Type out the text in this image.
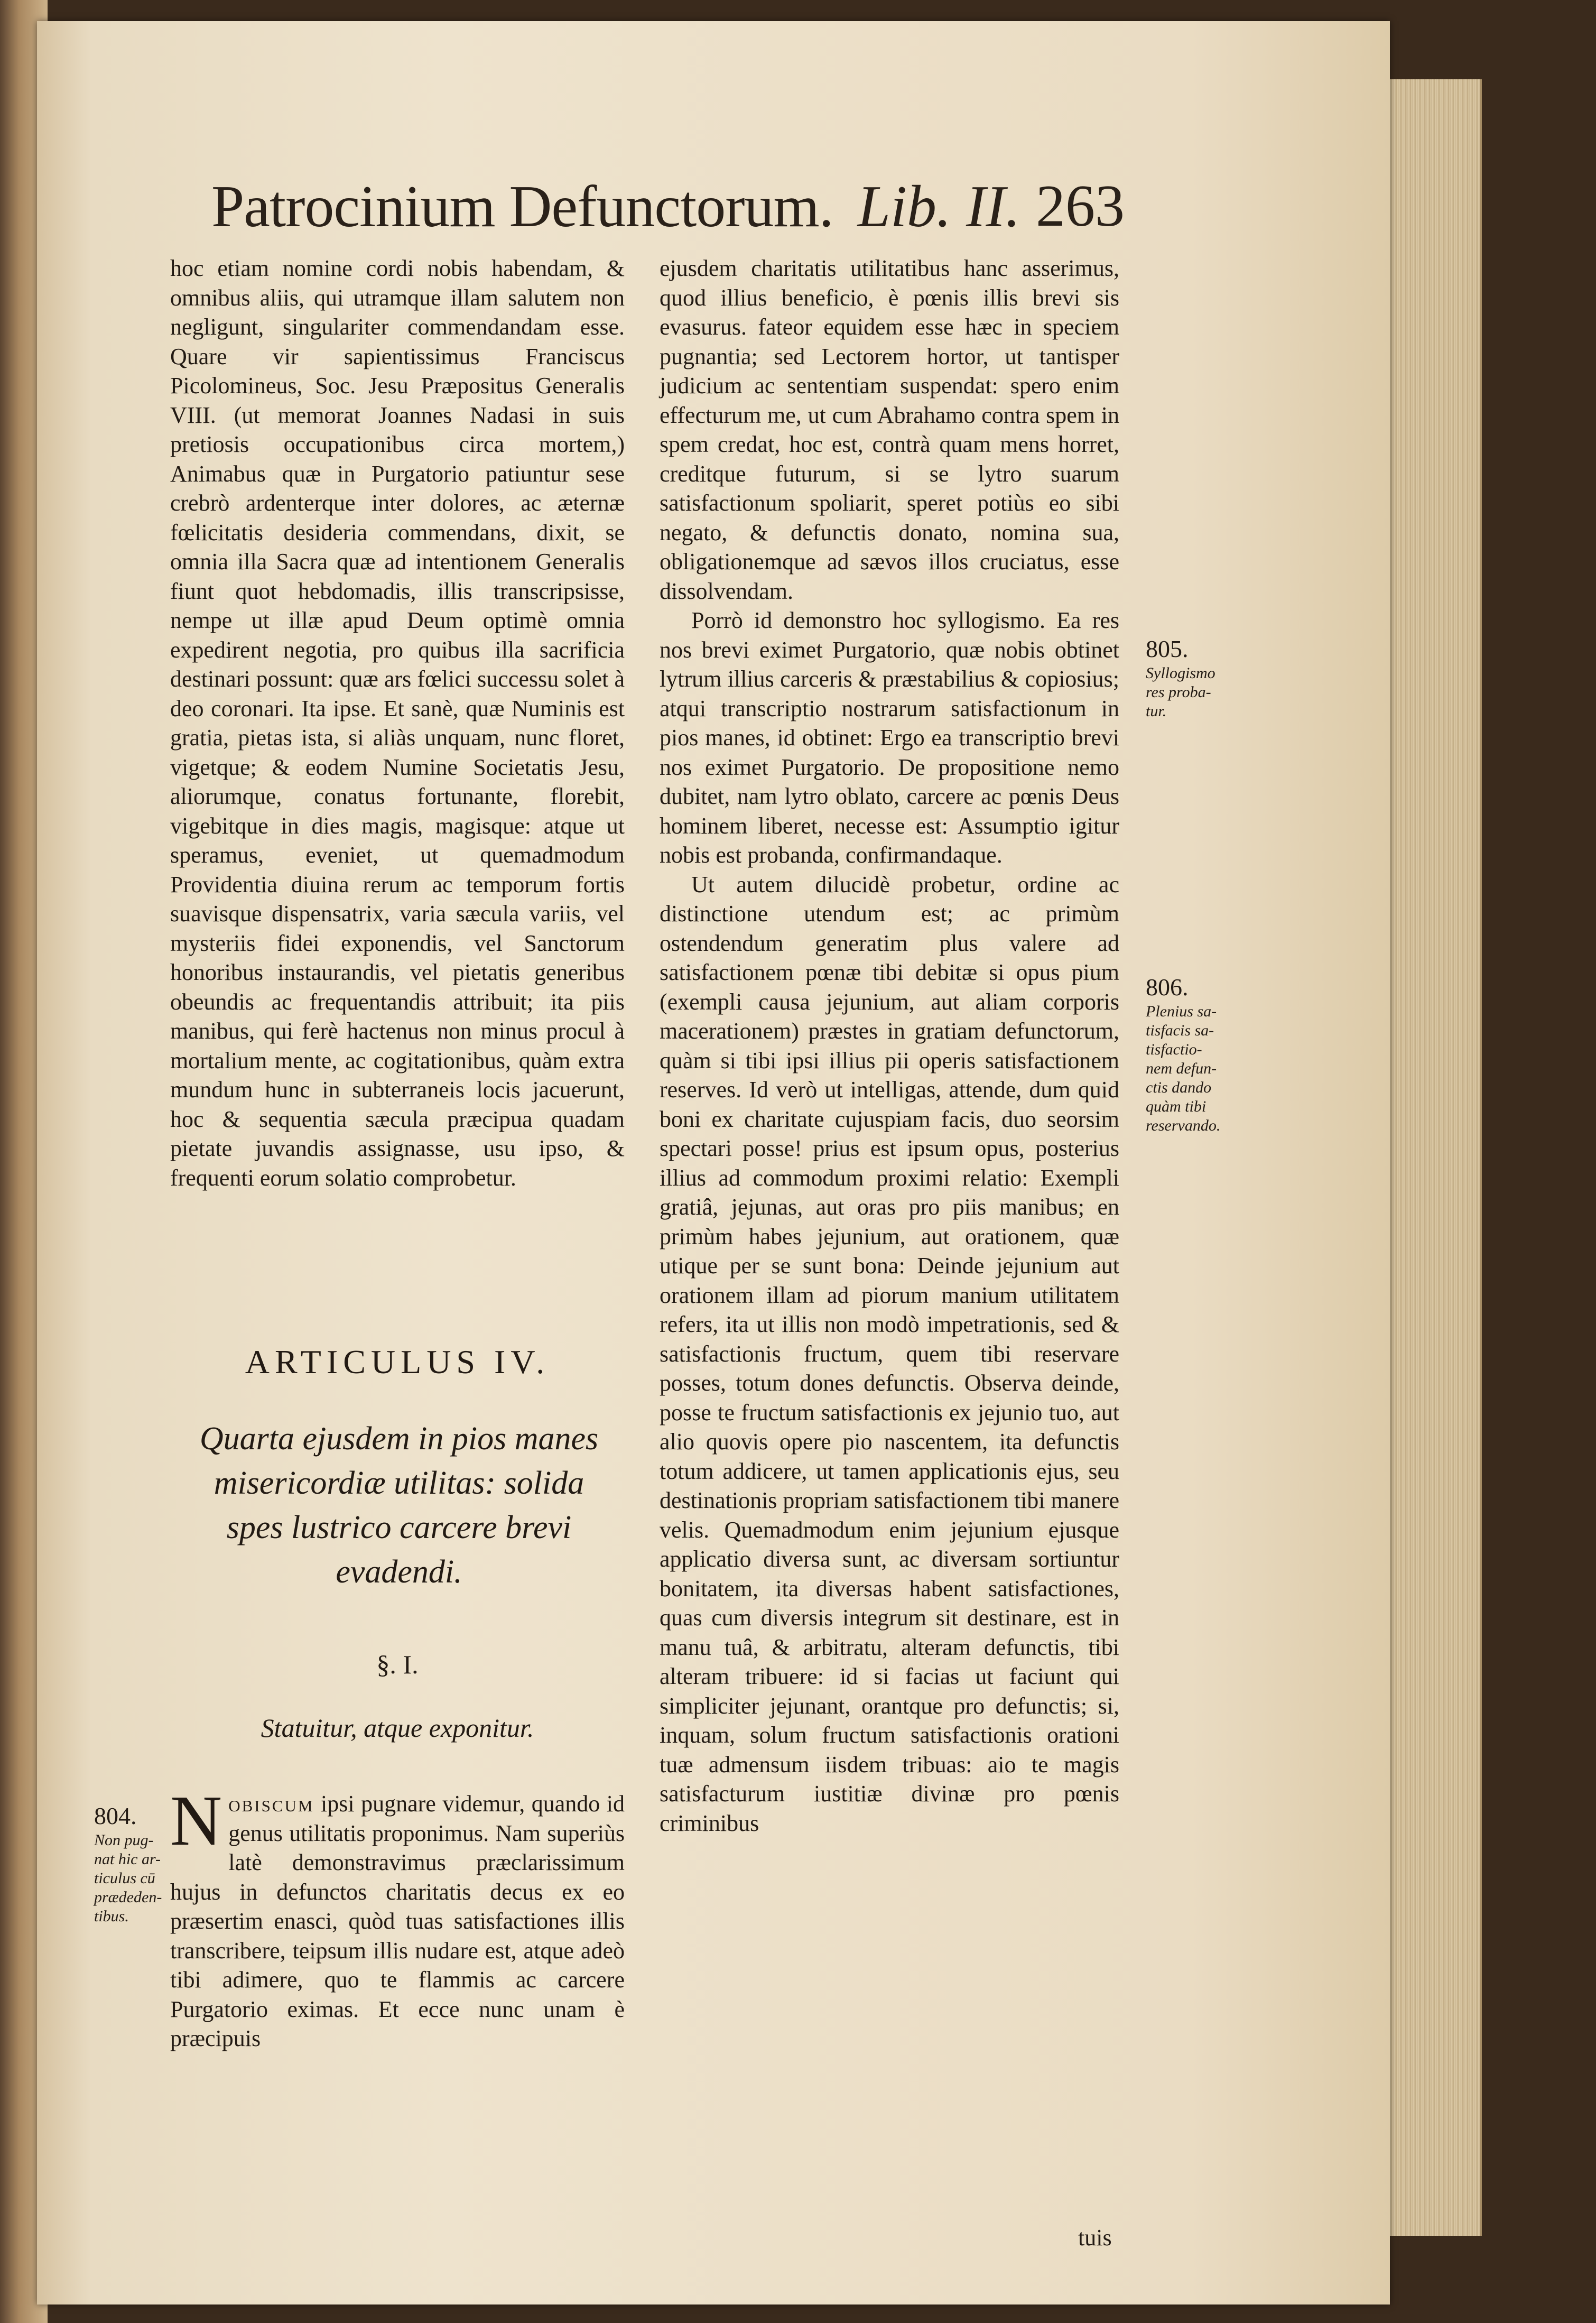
Patrocinium Defunctorum. Lib. II. 263

hoc etiam nomine cordi nobis habendam, & omnibus aliis, qui utramque illam salutem non negligunt, singulariter commendandam esse. Quare vir sapientissimus Franciscus Picolomineus, Soc. Jesu Præpositus Generalis VIII. (ut memorat Joannes Nadasi in suis pretiosis occupationibus circa mortem,) Animabus quæ in Purgatorio patiuntur sese crebrò ardenterque inter dolores, ac æternæ fœlicitatis desideria commendans, dixit, se omnia illa Sacra quæ ad intentionem Generalis fiunt quot hebdomadis, illis transcripsisse, nempe ut illæ apud Deum optimè omnia expedirent negotia, pro quibus illa sacrificia destinari possunt: quæ ars fœlici successu solet à deo coronari. Ita ipse. Et sanè, quæ Numinis est gratia, pietas ista, si aliàs unquam, nunc floret, vigetque; & eodem Numine Societatis Jesu, aliorumque, conatus fortunante, florebit, vigebitque in dies magis, magisque: atque ut speramus, eveniet, ut quemadmodum Providentia diuina rerum ac temporum fortis suavisque dispensatrix, varia sæcula variis, vel mysteriis fidei exponendis, vel Sanctorum honoribus instaurandis, vel pietatis generibus obeundis ac frequentandis attribuit; ita piis manibus, qui ferè hactenus non minus procul à mortalium mente, ac cogitationibus, quàm extra mundum hunc in subterraneis locis jacuerunt, hoc & sequentia sæcula præcipua quadam pietate juvandis assignasse, usu ipso, & frequenti eorum solatio comprobetur.

ARTICULUS IV.
Quarta ejusdem in pios manes misericordiæ utilitas: solida spes lustrico carcere brevi evadendi.
§. I.
Statuitur, atque exponitur.

Nobiscum ipsi pugnare videmur, quando id genus utilitatis proponimus. Nam superiùs latè demonstravimus præclarissimum hujus in defunctos charitatis decus ex eo præsertim enasci, quòd tuas satisfactiones illis transcribere, teipsum illis nudare est, atque adeò tibi adimere, quo te flammis ac carcere Purgatorio eximas. Et ecce nunc unam è præcipuis

ejusdem charitatis utilitatibus hanc asserimus, quod illius beneficio, è pœnis illis brevi sis evasurus. fateor equidem esse hæc in speciem pugnantia; sed Lectorem hortor, ut tantisper judicium ac sententiam suspendat: spero enim effecturum me, ut cum Abrahamo contra spem in spem credat, hoc est, contrà quam mens horret, creditque futurum, si se lytro suarum satisfactionum spoliarit, speret potiùs eo sibi negato, & defunctis donato, nomina sua, obligationemque ad sævos illos cruciatus, esse dissolvendam.

Porrò id demonstro hoc syllogismo. Ea res nos brevi eximet Purgatorio, quæ nobis obtinet lytrum illius carceris & præstabilius & copiosius; atqui transcriptio nostrarum satisfactionum in pios manes, id obtinet: Ergo ea transcriptio brevi nos eximet Purgatorio. De propositione nemo dubitet, nam lytro oblato, carcere ac pœnis Deus hominem liberet, necesse est: Assumptio igitur nobis est probanda, confirmandaque.

Ut autem dilucidè probetur, ordine ac distinctione utendum est; ac primùm ostendendum generatim plus valere ad satisfactionem pœnæ tibi debitæ si opus pium (exempli causa jejunium, aut aliam corporis macerationem) præstes in gratiam defunctorum, quàm si tibi ipsi illius pii operis satisfactionem reserves. Id verò ut intelligas, attende, dum quid boni ex charitate cujuspiam facis, duo seorsim spectari posse! prius est ipsum opus, posterius illius ad commodum proximi relatio: Exempli gratiâ, jejunas, aut oras pro piis manibus; en primùm habes jejunium, aut orationem, quæ utique per se sunt bona: Deinde jejunium aut orationem illam ad piorum manium utilitatem refers, ita ut illis non modò impetrationis, sed & satisfactionis fructum, quem tibi reservare posses, totum dones defunctis. Observa deinde, posse te fructum satisfactionis ex jejunio tuo, aut alio quovis opere pio nascentem, ita defunctis totum addicere, ut tamen applicationis ejus, seu destinationis propriam satisfactionem tibi manere velis. Quemadmodum enim jejunium ejusque applicatio diversa sunt, ac diversam sortiuntur bonitatem, ita diversas habent satisfactiones, quas cum diversis integrum sit destinare, est in manu tuâ, & arbitratu, alteram defunctis, tibi alteram tribuere: id si facias ut faciunt qui simpliciter jejunant, orantque pro defunctis; si, inquam, solum fructum satisfactionis orationi tuæ admensum iisdem tribuas: aio te magis satisfacturum iustitiæ divinæ pro pœnis criminibus

tuis
805.
Syllogismo
res proba-
tur.
806.
Plenius sa-
tisfacis sa-
tisfactio-
nem defun-
ctis dando
quàm tibi
reservando.
804.
Non pug-
nat hic ar-
ticulus cū
prædeden-
tibus.
